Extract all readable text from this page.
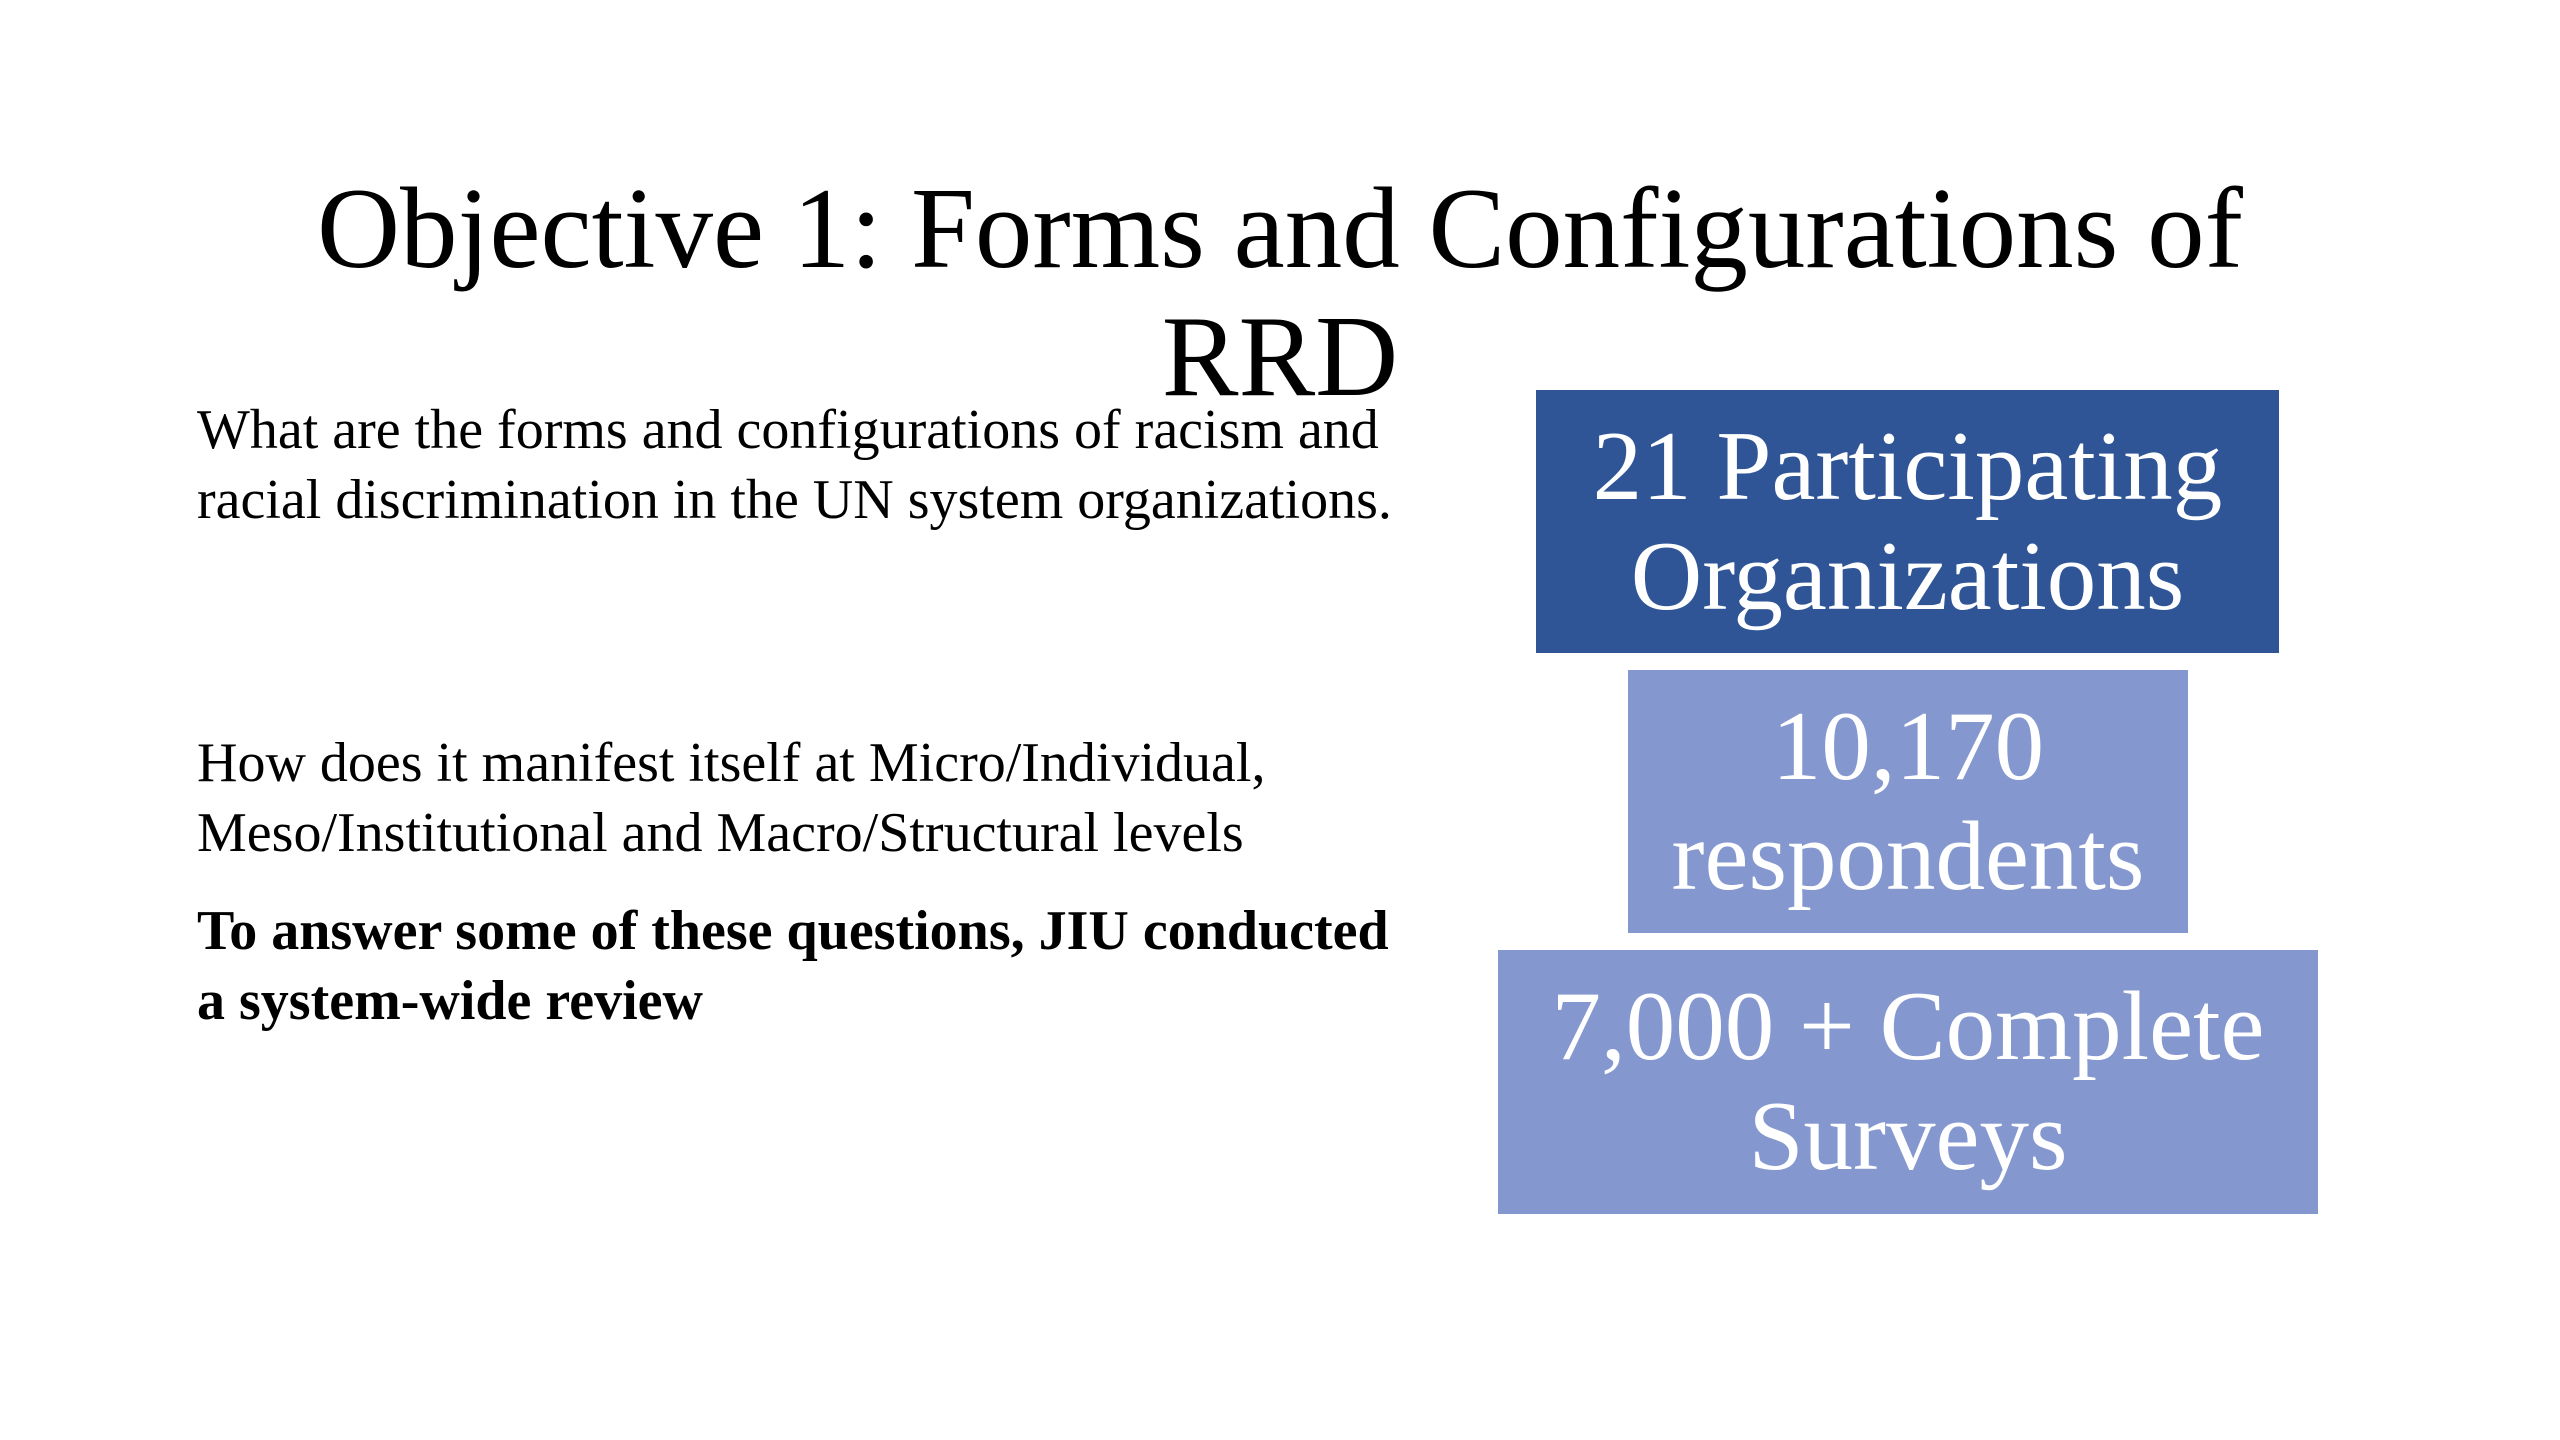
Objective 1: Forms and Configurations of
RRD

What are the forms and configurations of racism and racial discrimination in the UN system organizations.

How does it manifest itself at Micro/Individual, Meso/Institutional and Macro/Structural levels

To answer some of these questions, JIU conducted a system-wide review

21 Participating
Organizations
10,170
respondents
7,000 + Complete
Surveys
